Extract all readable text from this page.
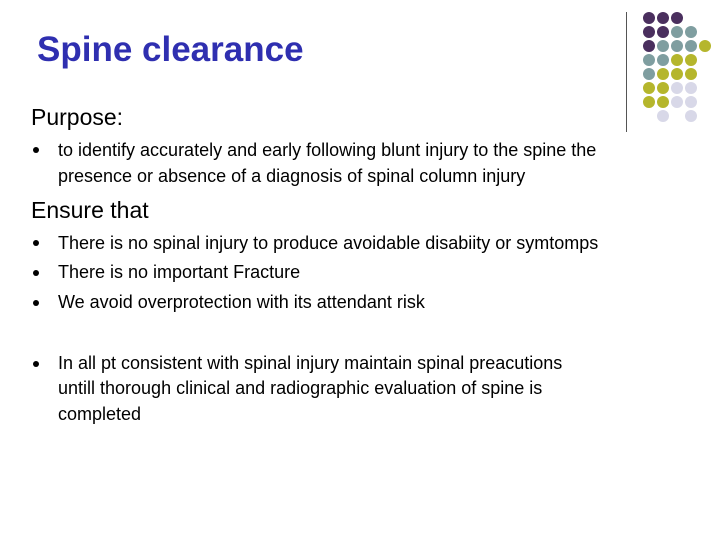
Spine clearance
Purpose:
to identify accurately and early following blunt injury to the spine the
presence or absence of a diagnosis of spinal column injury
Ensure that
There is no spinal injury to produce avoidable disabiity or symtomps
There is no important Fracture
We avoid overprotection with its attendant risk
In all pt consistent with spinal injury maintain spinal preacutions
untill thorough clinical and radiographic evaluation of spine is
completed
